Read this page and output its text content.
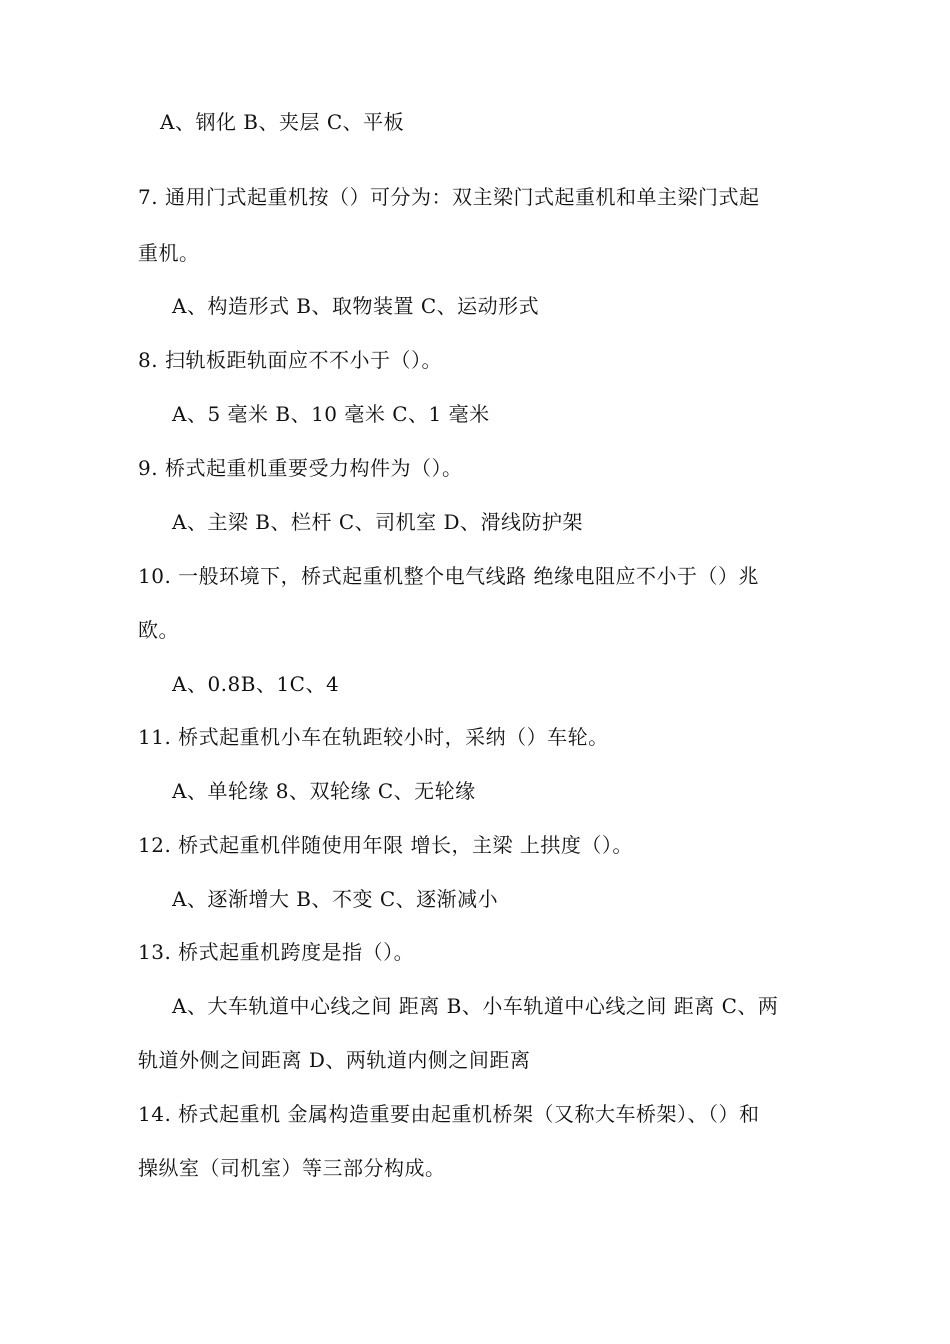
A、钢化 B、夹层 C、平板
7. 通用门式起重机按（）可分为：双主梁门式起重机和单主梁门式起
重机。
A、构造形式 B、取物装置 C、运动形式
8. 扫轨板距轨面应不不小于（）。
A、5 毫米 B、10 毫米 C、1 毫米
9. 桥式起重机重要受力构件为（）。
A、主梁 B、栏杆 C、司机室 D、滑线防护架
10. 一般环境下，桥式起重机整个电气线路 绝缘电阻应不小于（）兆
欧。
A、0.8B、1C、4
11. 桥式起重机小车在轨距较小时，采纳（）车轮。
A、单轮缘 8、双轮缘 C、无轮缘
12. 桥式起重机伴随使用年限 增长，主梁 上拱度（）。
A、逐渐增大 B、不变 C、逐渐减小
13. 桥式起重机跨度是指（）。
A、大车轨道中心线之间 距离 B、小车轨道中心线之间 距离 C、两
轨道外侧之间距离 D、两轨道内侧之间距离
14. 桥式起重机 金属构造重要由起重机桥架（又称大车桥架）、（）和
操纵室（司机室）等三部分构成。
